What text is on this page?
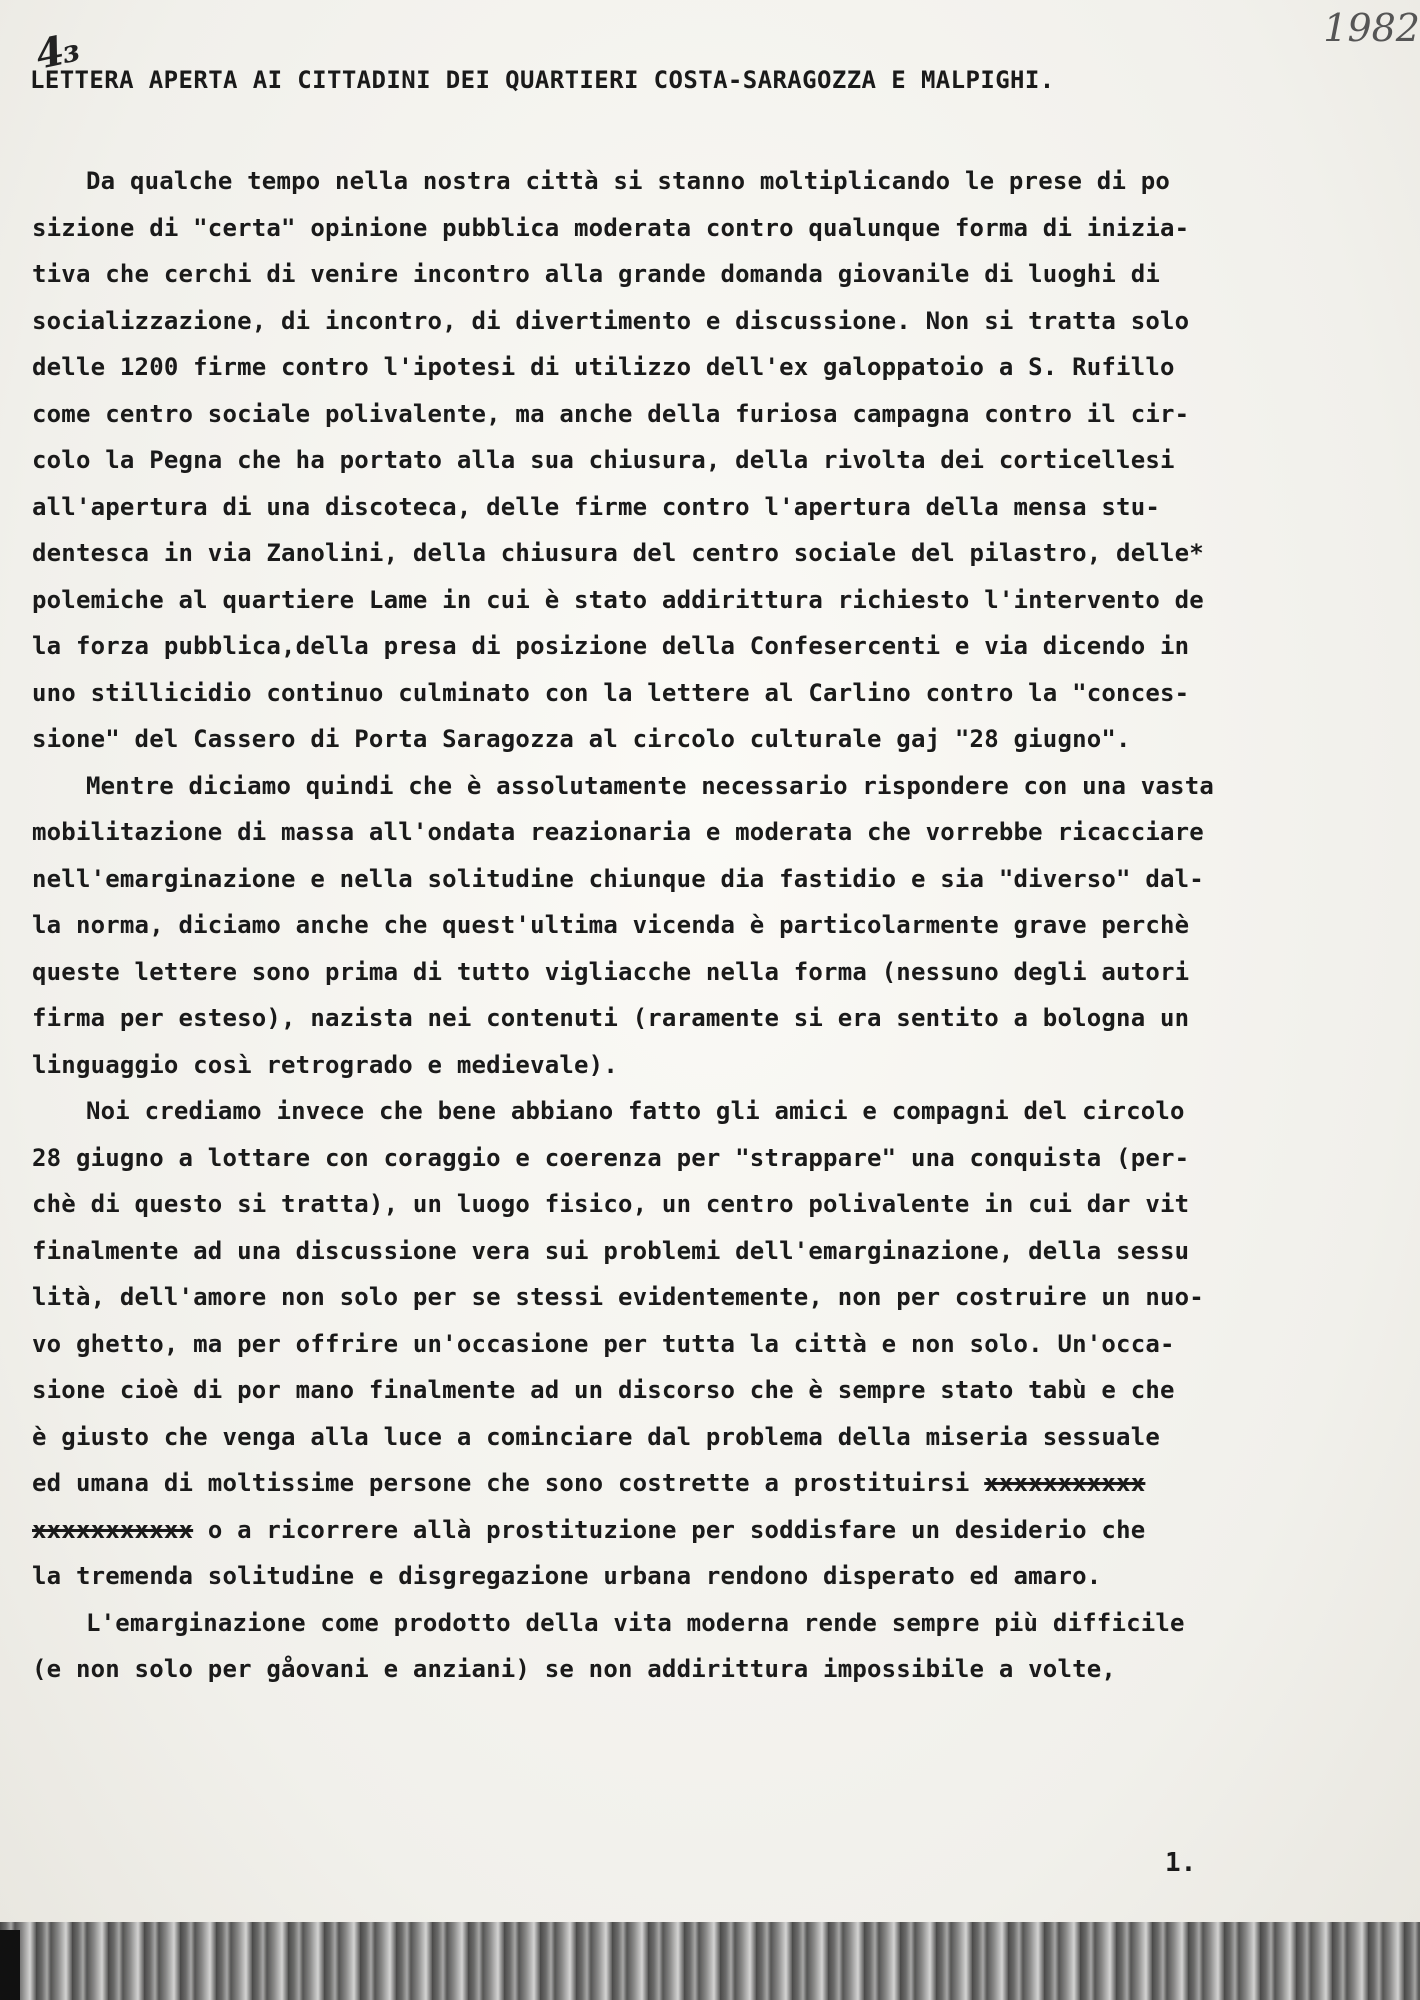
4₃	1982
LETTERA APERTA AI CITTADINI DEI QUARTIERI COSTA-SARAGOZZA E MALPIGHI.
Da qualche tempo nella nostra città si stanno moltiplicando le prese di po
sizione di "certa" opinione pubblica moderata contro qualunque forma di inizia-
tiva che cerchi di venire incontro alla grande domanda giovanile di luoghi di
socializzazione, di incontro, di divertimento e discussione. Non si tratta solo
delle 1200 firme contro l'ipotesi di utilizzo dell'ex galoppatoio a S. Rufillo
come centro sociale polivalente, ma anche della furiosa campagna contro il cir-
colo la Pegna che ha portato alla sua chiusura, della rivolta dei corticellesi
all'apertura di una discoteca, delle firme contro l'apertura della mensa stu-
dentesca in via Zanolini, della chiusura del centro sociale del pilastro, delle*
polemiche al quartiere Lame in cui è stato addirittura richiesto l'intervento de
la forza pubblica,della presa di posizione della Confesercenti e via dicendo in
uno stillicidio continuo culminato con la lettere al Carlino contro la "conces-
sione" del Cassero di Porta Saragozza al circolo culturale gaj "28 giugno".
Mentre diciamo quindi che è assolutamente necessario rispondere con una vasta
mobilitazione di massa all'ondata reazionaria e moderata che vorrebbe ricacciare
nell'emarginazione e nella solitudine chiunque dia fastidio e sia "diverso" dal-
la norma, diciamo anche che quest'ultima vicenda è particolarmente grave perchè
queste lettere sono prima di tutto vigliacche nella forma (nessuno degli autori
firma per esteso), nazista nei contenuti (raramente si era sentito a bologna un
linguaggio così retrogrado e medievale).
Noi crediamo invece che bene abbiano fatto gli amici e compagni del circolo
28 giugno a lottare con coraggio e coerenza per "strappare" una conquista (per-
chè di questo si tratta), un luogo fisico, un centro polivalente in cui dar vit
finalmente ad una discussione vera sui problemi dell'emarginazione, della sessu
lità, dell'amore non solo per se stessi evidentemente, non per costruire un nuo-
vo ghetto, ma per offrire un'occasione per tutta la città e non solo. Un'occa-
sione cioè di por mano finalmente ad un discorso che è sempre stato tabù e che
è giusto che venga alla luce a cominciare dal problema della miseria sessuale
ed umana di moltissime persone che sono costrette a prostituirsi xxxxxxxxxxx
xxxxxxxxxxx o a ricorrere allà prostituzione per soddisfare un desiderio che
la tremenda solitudine e disgregazione urbana rendono disperato ed amaro.
L'emarginazione come prodotto della vita moderna rende sempre più difficile
(e non solo per gåovani e anziani) se non addirittura impossibile a volte,
1.
